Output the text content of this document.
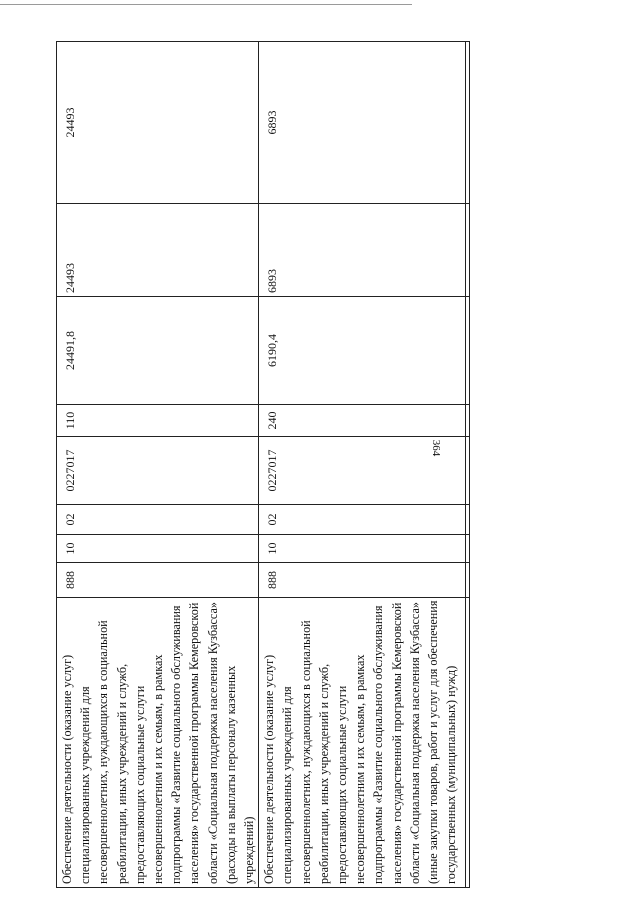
364
Обеспечение деятельности (оказание услуг) специализированных учреждений для несовершеннолетних, нуждающихся в социальной реабилитации, иных учреждений и служб, предоставляющих социальные услуги несовершеннолетним и их семьям, в рамках подпрограммы «Развитие социального обслуживания населения» государственной программы Кемеровской области «Социальная поддержка населения Кузбасса» (расходы на выплаты персоналу казенных учреждений)	888	10	02	0227017	110	24491,8	24493	24493
Обеспечение деятельности (оказание услуг) специализированных учреждений для несовершеннолетних, нуждающихся в социальной реабилитации, иных учреждений и служб, предоставляющих социальные услуги несовершеннолетним и их семьям, в рамках подпрограммы «Развитие социального обслуживания населения» государственной программы Кемеровской области «Социальная поддержка населения Кузбасса» (иные закупки товаров, работ и услуг для обеспечения государственных (муниципальных) нужд)	888	10	02	0227017	240	6190,4	6893	6893
